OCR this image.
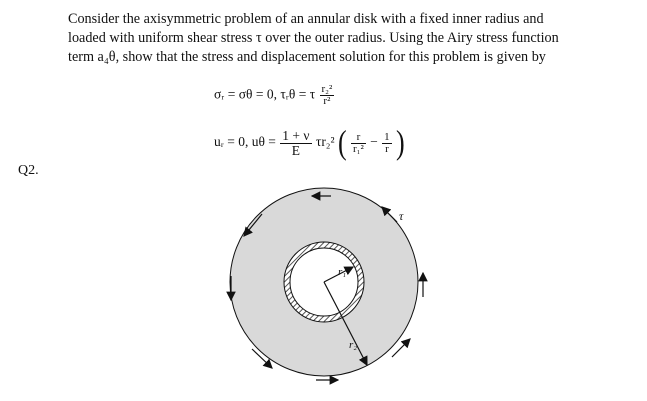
Consider the axisymmetric problem of an annular disk with a fixed inner radius and
loaded with uniform shear stress τ over the outer radius. Using the Airy stress function
term a₄θ, show that the stress and displacement solution for this problem is given by
Q2.
σᵣ = σθ = 0, τᵣθ = τ $\frac{\text{r₂²}}{\text{r²}}$
uᵣ = 0, $u\theta = \frac{1 + \nu}{E} \tau r_2^2$ ( $\frac{r}{\text{r₁²}} - \frac{1}{r}$ )
τ
r₁
r₂
